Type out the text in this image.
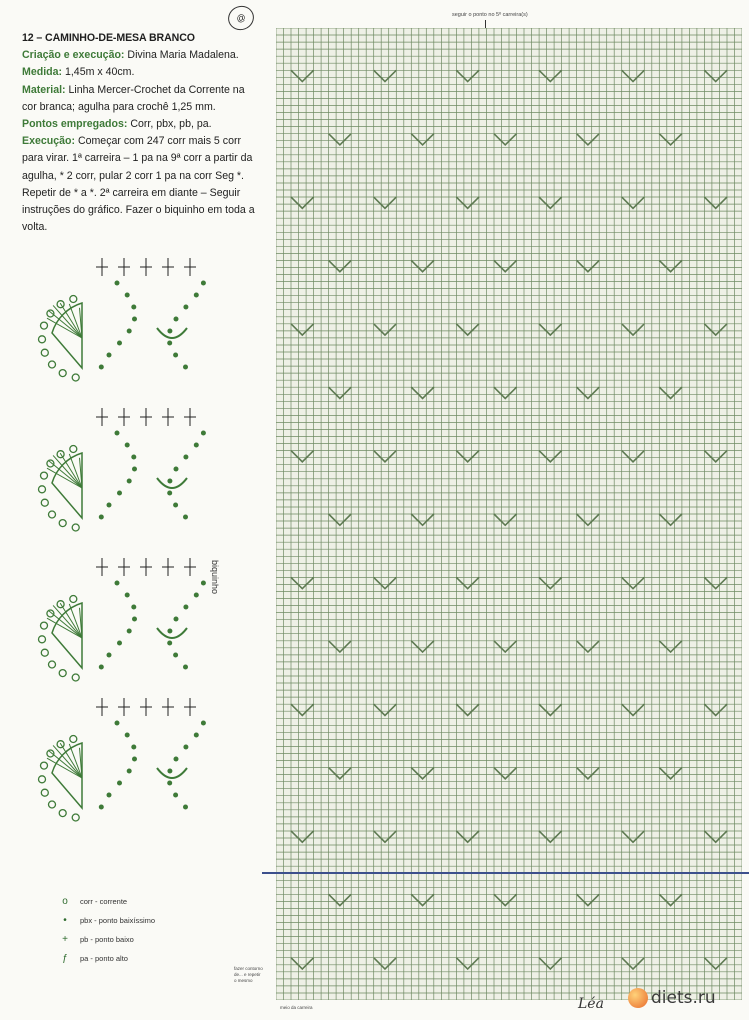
@

12 – CAMINHO-DE-MESA BRANCO

Criação e execução: Divina Maria Madalena.

Medida: 1,45m x 40cm.

Material: Linha Mercer-Crochet da Corrente na cor branca; agulha para crochê 1,25 mm.

Pontos empregados: Corr, pbx, pb, pa.

Execução: Começar com 247 corr mais 5 corr para virar. 1ª carreira – 1 pa na 9ª corr a partir da agulha, * 2 corr, pular 2 corr 1 pa na corr Seg *. Repetir de * a *. 2ª carreira em diante – Seguir instruções do gráfico. Fazer o biquinho em toda a volta.

biquinho
o corr - corrente
•	pbx - ponto baixíssimo
+ pb - ponto baixo
ƒ pa - ponto alto
seguir o ponto no 5º carreira(s)
fazer contorno de... e repetir o mesmo
meio da carreira	Léa	diets.ru
